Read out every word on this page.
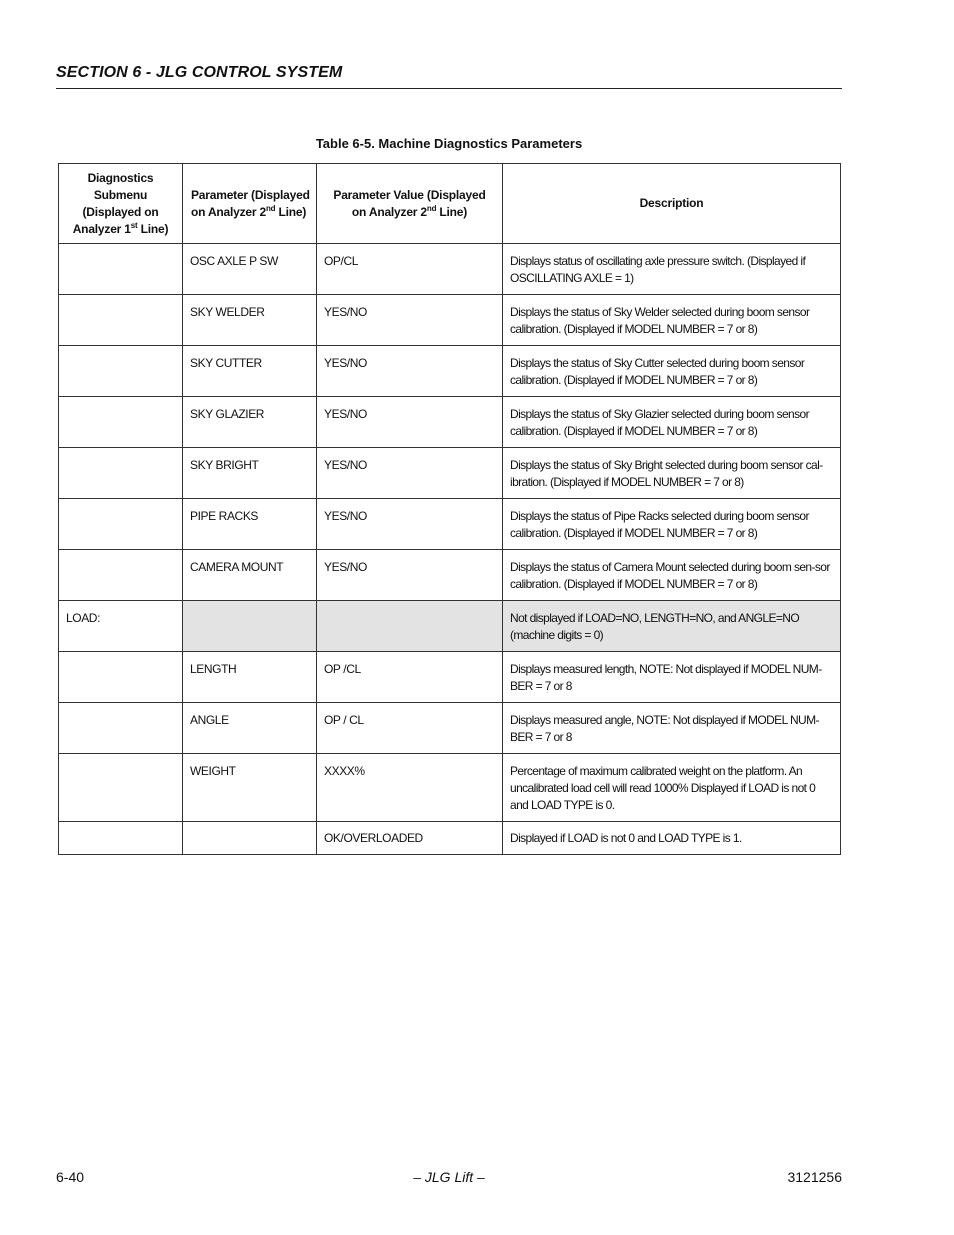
SECTION 6 - JLG CONTROL SYSTEM
Table 6-5. Machine Diagnostics Parameters
Diagnostics Submenu (Displayed on Analyzer 1st Line)	Parameter (Displayed on Analyzer 2nd Line)	Parameter Value (Displayed on Analyzer 2nd Line)	Description

	OSC AXLE P SW	OP/CL	Displays status of oscillating axle pressure switch. (Displayed if OSCILLATING AXLE = 1)

	SKY WELDER	YES/NO	Displays the status of Sky Welder selected during boom sensor calibration. (Displayed if MODEL NUMBER = 7 or 8)

	SKY CUTTER	YES/NO	Displays the status of Sky Cutter selected during boom sensor calibration. (Displayed if MODEL NUMBER = 7 or 8)

	SKY GLAZIER	YES/NO	Displays the status of Sky Glazier selected during boom sensor calibration. (Displayed if MODEL NUMBER = 7 or 8)

	SKY BRIGHT	YES/NO	Displays the status of Sky Bright selected during boom sensor cal-ibration. (Displayed if MODEL NUMBER = 7 or 8)

	PIPE RACKS	YES/NO	Displays the status of Pipe Racks selected during boom sensor calibration. (Displayed if MODEL NUMBER = 7 or 8)

	CAMERA MOUNT	YES/NO	Displays the status of Camera Mount selected during boom sen-sor calibration. (Displayed if MODEL NUMBER = 7 or 8)

LOAD:			Not displayed if LOAD=NO, LENGTH=NO, and ANGLE=NO (machine digits = 0)

	LENGTH	OP /CL	Displays measured length, NOTE: Not displayed if MODEL NUM-BER = 7 or 8

	ANGLE	OP / CL	Displays measured angle, NOTE: Not displayed if MODEL NUM-BER = 7 or 8

	WEIGHT	XXXX%	Percentage of maximum calibrated weight on the platform. An uncalibrated load cell will read 1000% Displayed if LOAD is not 0 and LOAD TYPE is 0.

		OK/OVERLOADED	Displayed if LOAD is not 0 and LOAD TYPE is 1.
6-40	– JLG Lift –	3121256
